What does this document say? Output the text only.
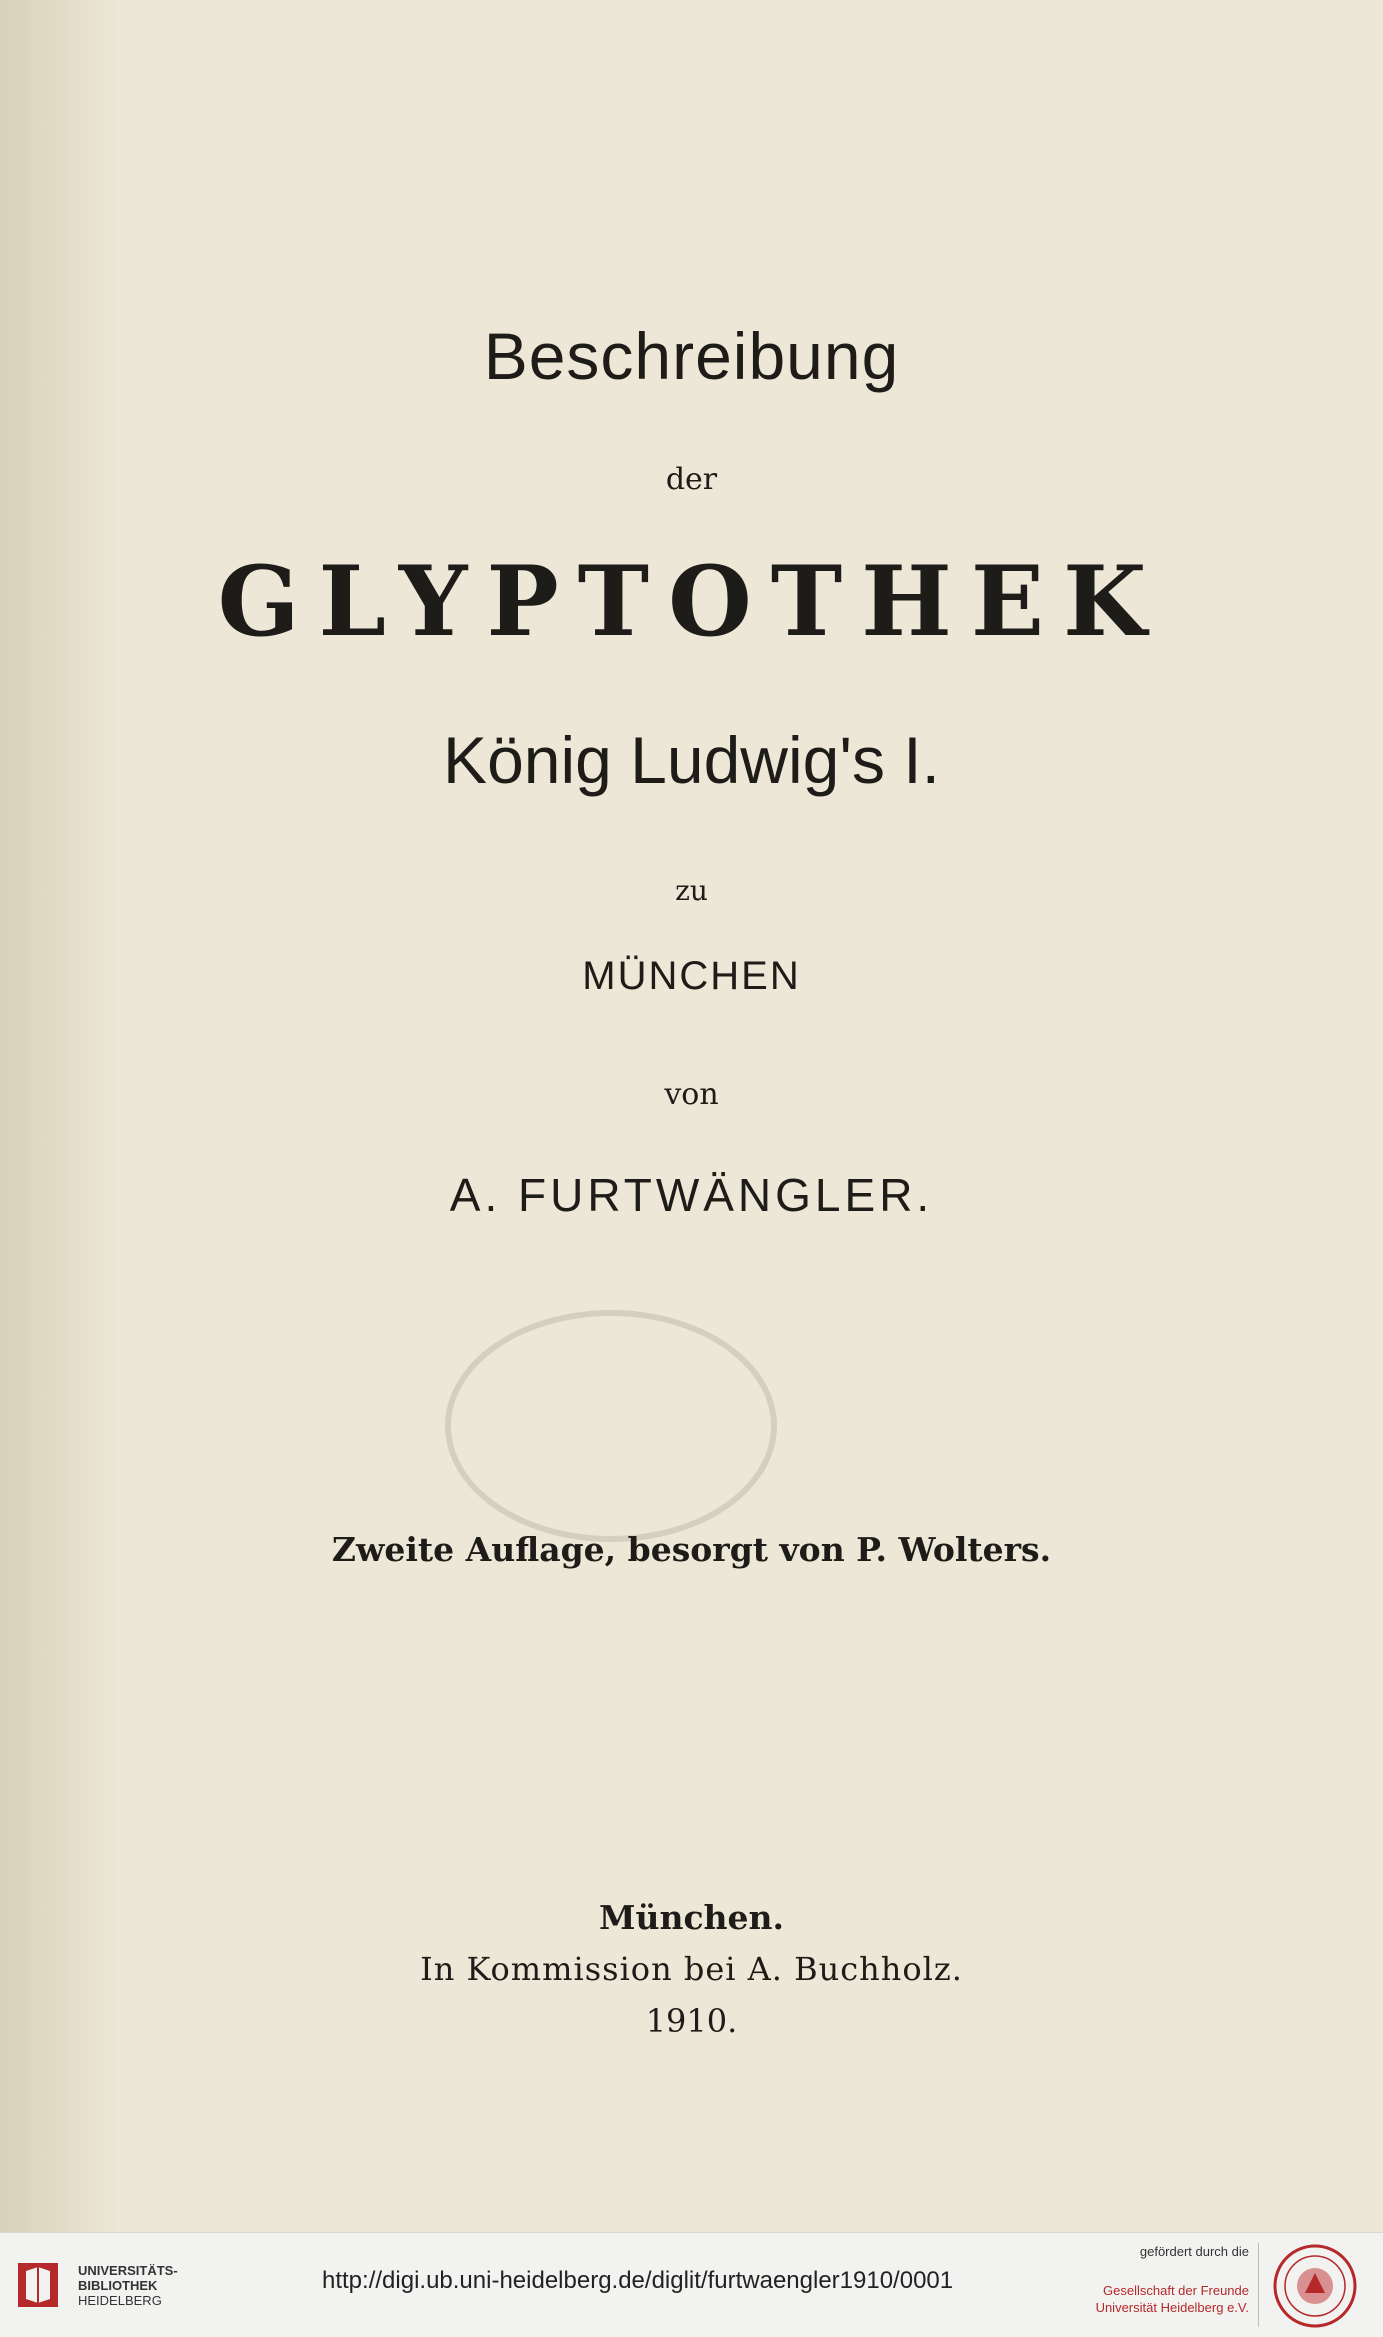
Beschreibung
der
GLYPTOTHEK
König Ludwig's I.
zu
MÜNCHEN
von
A. FURTWÄNGLER.
Zweite Auflage, besorgt von P. Wolters.
München.
In Kommission bei A. Buchholz.
1910.
UNIVERSITÄTS-
BIBLIOTHEK
HEIDELBERG
http://digi.ub.uni-heidelberg.de/diglit/furtwaengler1910/0001
gefördert durch die
Gesellschaft der Freunde
Universität Heidelberg e.V.
